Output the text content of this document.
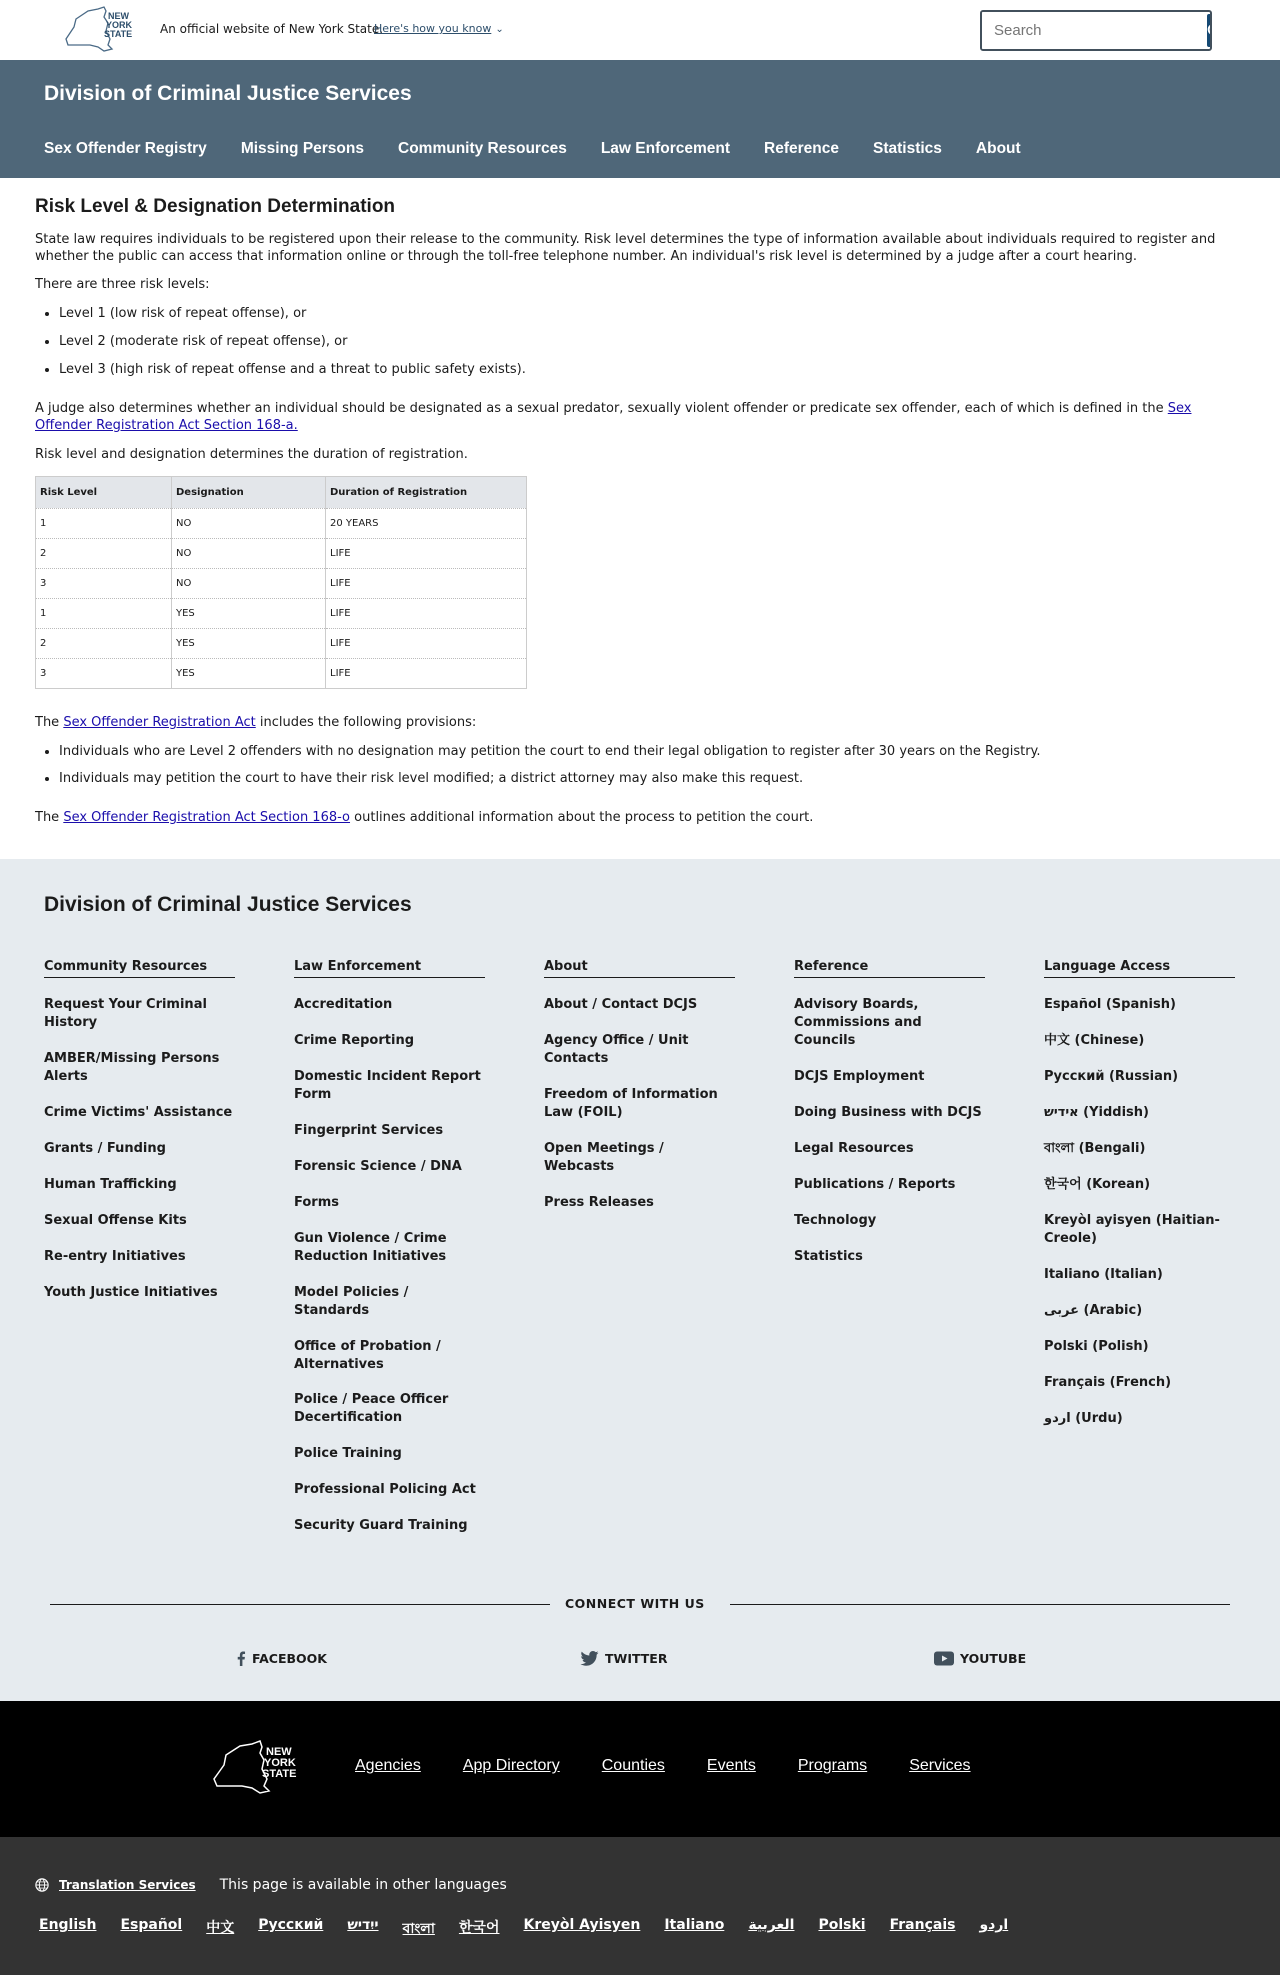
NEW
YORK
STATE An official website of New York State.
Here's how you know ⌄
Search
Division of Criminal Justice Services
Sex Offender Registry Missing Persons Community Resources Law Enforcement Reference Statistics About
Risk Level & Designation Determination

State law requires individuals to be registered upon their release to the community. Risk level determines the type of information available about individuals required to register and whether the public can access that information online or through the toll-free telephone number. An individual's risk level is determined by a judge after a court hearing.

There are three risk levels:

• Level 1 (low risk of repeat offense), or
• Level 2 (moderate risk of repeat offense), or
• Level 3 (high risk of repeat offense and a threat to public safety exists).

A judge also determines whether an individual should be designated as a sexual predator, sexually violent offender or predicate sex offender, each of which is defined in the Sex Offender Registration Act Section 168-a.

Risk level and designation determines the duration of registration.

Risk Level	Designation	Duration of Registration
1	NO	20 YEARS
2	NO	LIFE
3	NO	LIFE
1	YES	LIFE
2	YES	LIFE
3	YES	LIFE

The Sex Offender Registration Act includes the following provisions:

• Individuals who are Level 2 offenders with no designation may petition the court to end their legal obligation to register after 30 years on the Registry.
• Individuals may petition the court to have their risk level modified; a district attorney may also make this request.

The Sex Offender Registration Act Section 168-o outlines additional information about the process to petition the court.

Division of Criminal Justice Services
Community Resources
Request Your Criminal History
AMBER/Missing Persons Alerts
Crime Victims' Assistance
Grants / Funding
Human Trafficking
Sexual Offense Kits
Re-entry Initiatives
Youth Justice Initiatives
Law Enforcement
Accreditation
Crime Reporting
Domestic Incident Report Form
Fingerprint Services
Forensic Science / DNA
Forms
Gun Violence / Crime Reduction Initiatives
Model Policies / Standards
Office of Probation / Alternatives
Police / Peace Officer Decertification
Police Training
Professional Policing Act
Security Guard Training
About
About / Contact DCJS
Agency Office / Unit Contacts
Freedom of Information Law (FOIL)
Open Meetings / Webcasts
Press Releases
Reference
Advisory Boards, Commissions and Councils
DCJS Employment
Doing Business with DCJS
Legal Resources
Publications / Reports
Technology
Statistics
Language Access
Español (Spanish)
中文 (Chinese)
Русский (Russian)
אידיש (Yiddish)
বাংলা (Bengali)
한국어 (Korean)
Kreyòl ayisyen (Haitian-Creole)
Italiano (Italian)
عربى (Arabic)
Polski (Polish)
Français (French)
اردو (Urdu)
CONNECT WITH US
FACEBOOK	TWITTER	YOUTUBE
NEW
YORK
STATE	Agencies	App Directory	Counties	Events	Programs	Services
Translation Services This page is available in other languages
English Español 中文 Русский ייִדיש বাংলা 한국어 Kreyòl Ayisyen Italiano العربية Polski Français اردو
